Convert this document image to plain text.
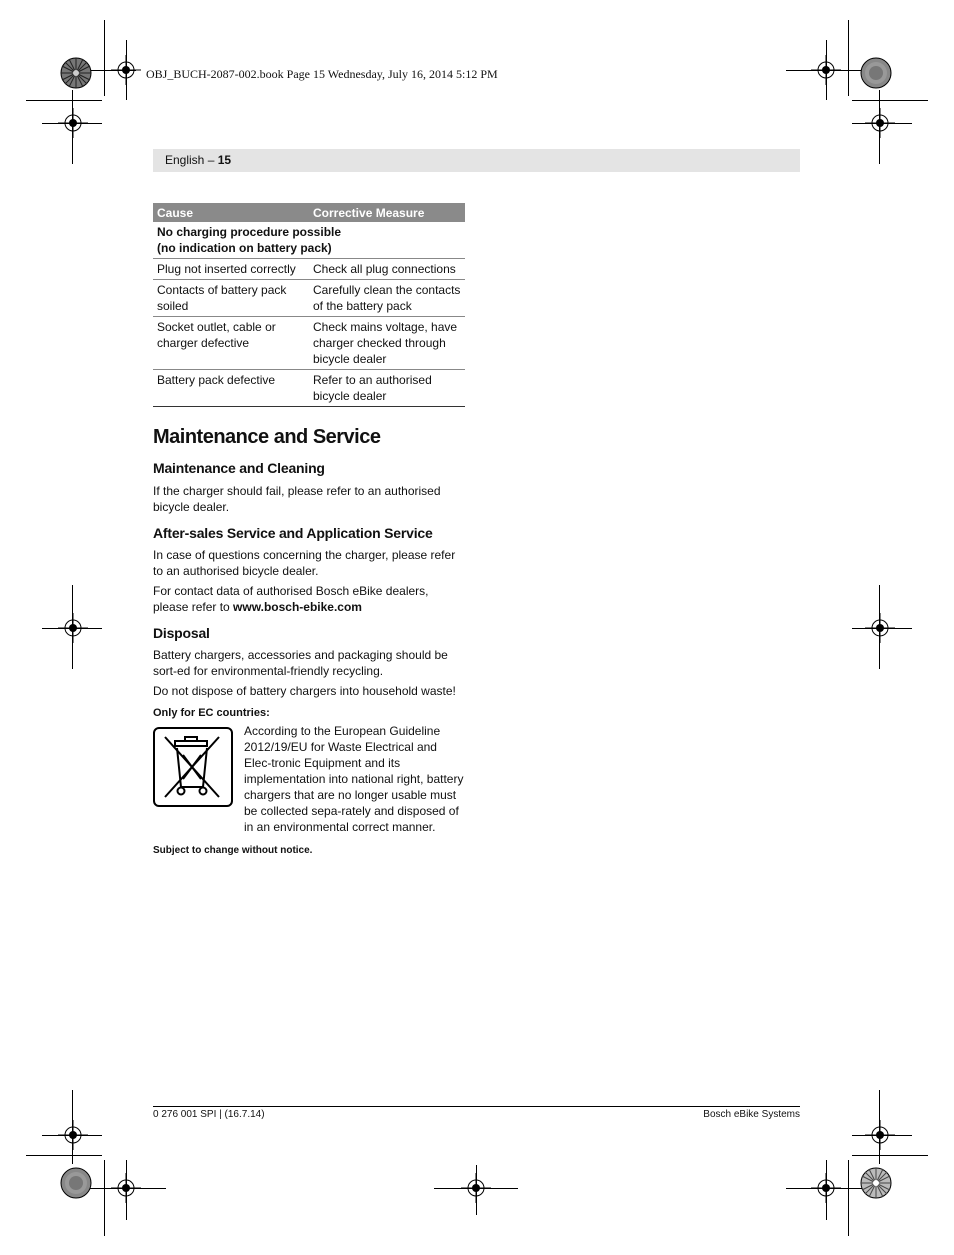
OBJ_BUCH-2087-002.book Page 15 Wednesday, July 16, 2014 5:12 PM
English – 15
Cause	Corrective Measure
No charging procedure possible
(no indication on battery pack)	
Plug not inserted correctly	Check all plug connections
Contacts of battery pack soiled	Carefully clean the contacts of the battery pack
Socket outlet, cable or charger defective	Check mains voltage, have charger checked through bicycle dealer
Battery pack defective	Refer to an authorised bicycle dealer
Maintenance and Service
Maintenance and Cleaning
If the charger should fail, please refer to an authorised bicycle dealer.
After-sales Service and Application Service
In case of questions concerning the charger, please refer to an authorised bicycle dealer.
For contact data of authorised Bosch eBike dealers, please refer to www.bosch-ebike.com
Disposal
Battery chargers, accessories and packaging should be sort-ed for environmental-friendly recycling.
Do not dispose of battery chargers into household waste!
Only for EC countries:
According to the European Guideline 2012/19/EU for Waste Electrical and Elec-tronic Equipment and its implementation into national right, battery chargers that are no longer usable must be collected sepa-rately and disposed of in an environmental correct manner.
Subject to change without notice.
0 276 001 SPI | (16.7.14)	Bosch eBike Systems
